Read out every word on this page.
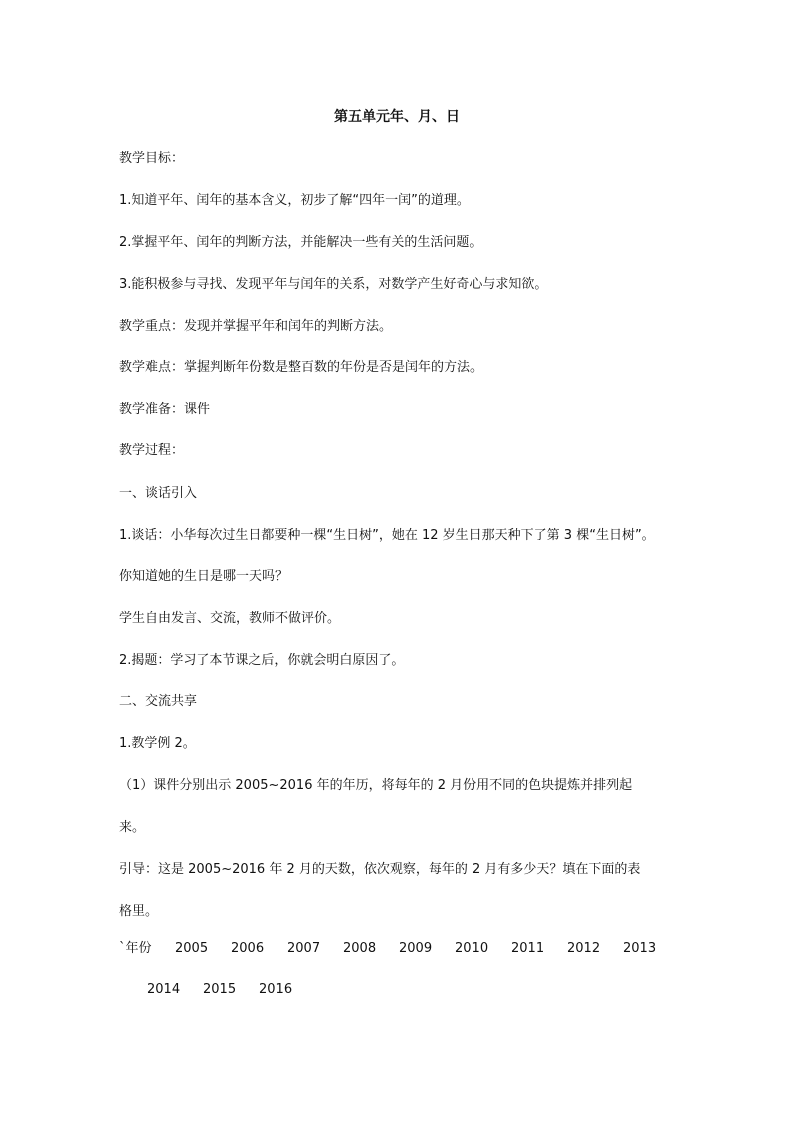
第五单元年、月、日
教学目标：
1.知道平年、闰年的基本含义，初步了解“四年一闰”的道理。
2.掌握平年、闰年的判断方法，并能解决一些有关的生活问题。
3.能积极参与寻找、发现平年与闰年的关系，对数学产生好奇心与求知欲。
教学重点：发现并掌握平年和闰年的判断方法。
教学难点：掌握判断年份数是整百数的年份是否是闰年的方法。
教学准备：课件
教学过程：
一、谈话引入
1.谈话：小华每次过生日都要种一棵“生日树”，她在 12 岁生日那天种下了第 3 棵“生日树”。
你知道她的生日是哪一天吗？
学生自由发言、交流，教师不做评价。
2.揭题：学习了本节课之后，你就会明白原因了。
二、交流共享
1.教学例 2。
（1）课件分别出示 2005~2016 年的年历，将每年的 2 月份用不同的色块提炼并排列起
来。
引导：这是 2005~2016 年 2 月的天数，依次观察，每年的 2 月有多少天？填在下面的表
格里。
`年份 2005 2006 2007 2008 2009 2010 2011 2012 2013
2014 2015 2016
